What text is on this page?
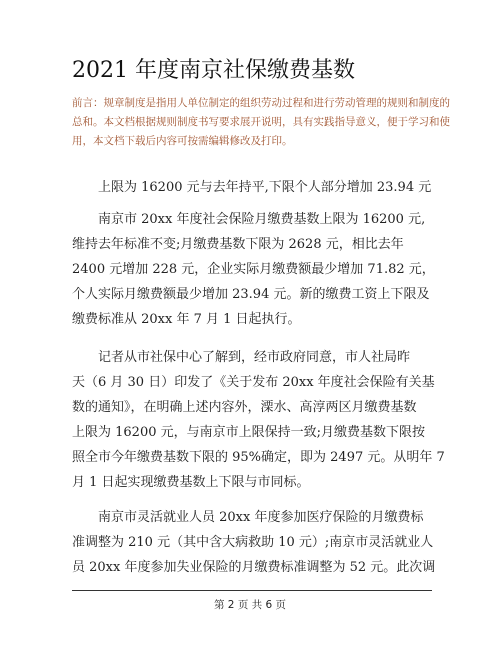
2021 年度南京社保缴费基数
前言：规章制度是指用人单位制定的组织劳动过程和进行劳动管理的规则和制度的
总和。本文档根据规则制度书写要求展开说明，具有实践指导意义，便于学习和使
用，本文档下载后内容可按需编辑修改及打印。
上限为 16200 元与去年持平,下限个人部分增加 23.94 元
南京市 20xx 年度社会保险月缴费基数上限为 16200 元,
维持去年标准不变;月缴费基数下限为 2628 元，相比去年
2400 元增加 228 元，企业实际月缴费额最少增加 71.82 元，
个人实际月缴费额最少增加 23.94 元。新的缴费工资上下限及
缴费标准从 20xx 年 7 月 1 日起执行。
记者从市社保中心了解到，经市政府同意，市人社局昨
天（6 月 30 日）印发了《关于发布 20xx 年度社会保险有关基
数的通知》，在明确上述内容外，溧水、高淳两区月缴费基数
上限为 16200 元，与南京市上限保持一致;月缴费基数下限按
照全市今年缴费基数下限的 95%确定，即为 2497 元。从明年 7
月 1 日起实现缴费基数上下限与市同标。
南京市灵活就业人员 20xx 年度参加医疗保险的月缴费标
准调整为 210 元（其中含大病救助 10 元）;南京市灵活就业人
员 20xx 年度参加失业保险的月缴费标准调整为 52 元。此次调
第 2 页 共 6 页
